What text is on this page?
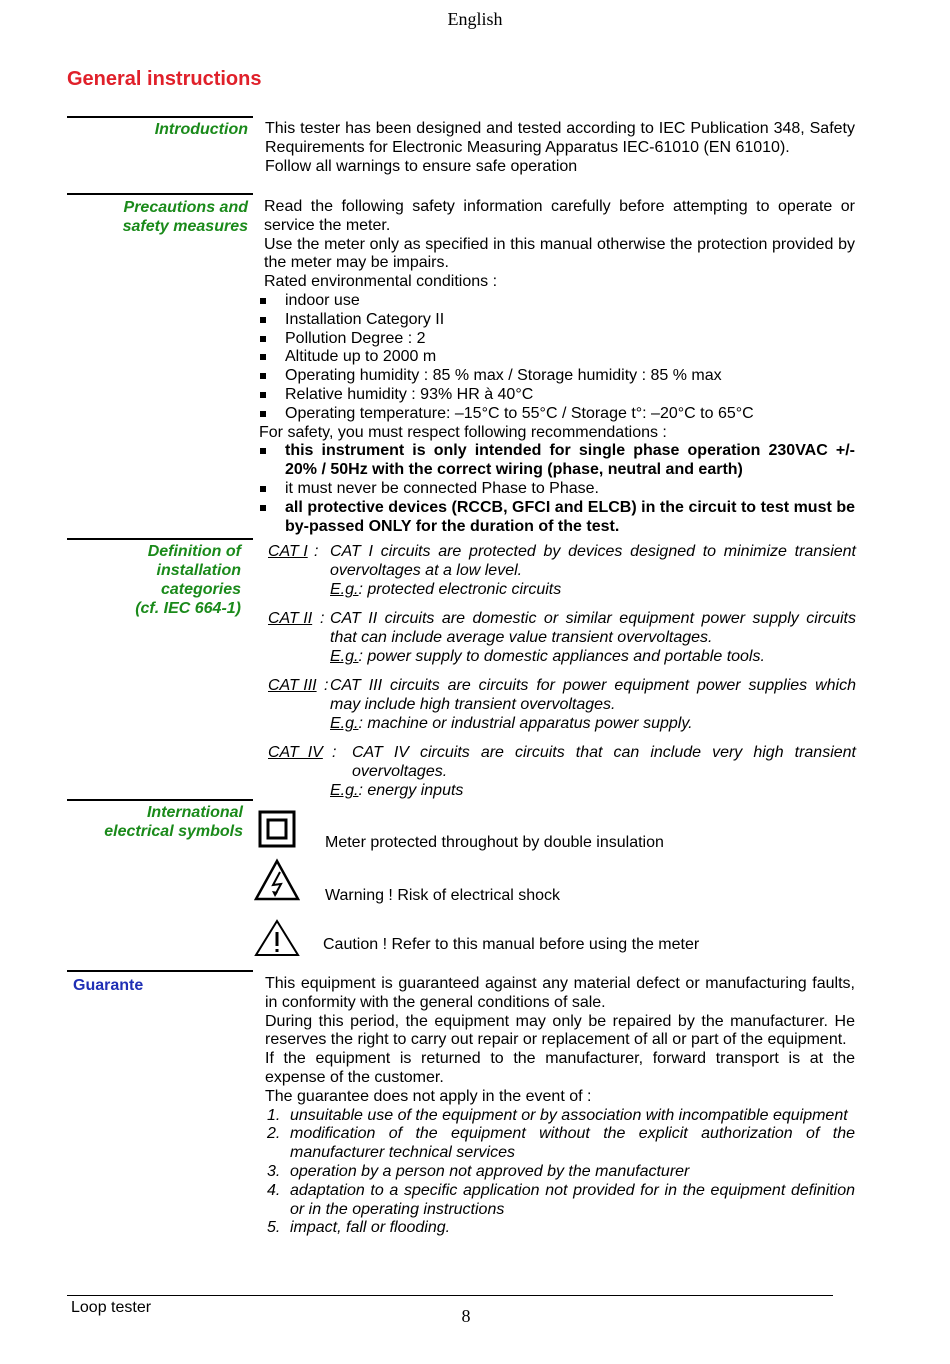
English
General instructions
Introduction This tester has been designed and tested according to IEC Publication 348, Safety Requirements for Electronic Measuring Apparatus IEC-61010 (EN 61010).

Follow all warnings to ensure safe operation

Precautions and
safety measures

Read the following safety information carefully before attempting to operate or service the meter.

Use the meter only as specified in this manual otherwise the protection provided by the meter may be impairs.

Rated environmental conditions :

indoor use
Installation Category II
Pollution Degree : 2
Altitude up to 2000 m
Operating humidity : 85 % max / Storage humidity : 85 % max
Relative humidity : 93% HR à 40°C
Operating temperature: –15°C to 55°C / Storage t°: –20°C to 65°C

For safety, you must respect following recommendations :

this instrument is only intended for single phase operation 230VAC +/- 20% / 50Hz with the correct wiring (phase, neutral and earth)
it must never be connected Phase to Phase.
all protective devices (RCCB, GFCI and ELCB) in the circuit to test must be by-passed ONLY for the duration of the test.
Definition of
installation
categories
(cf. IEC 664-1)
CAT I : CAT I circuits are protected by devices designed to minimize transient overvoltages at a low level.
E.g.: protected electronic circuits
CAT II : CAT II circuits are domestic or similar equipment power supply circuits that can include average value transient overvoltages.
E.g.: power supply to domestic appliances and portable tools.
CAT III : CAT III circuits are circuits for power equipment power supplies which may include high transient overvoltages.
E.g.: machine or industrial apparatus power supply.
CAT  IV : CAT IV circuits are circuits that can include very high transient overvoltages.
E.g.: energy inputs
International
electrical symbols
Meter protected throughout by double insulation
Warning ! Risk of electrical shock
Caution ! Refer to this manual before using the meter
Guarante	This equipment is guaranteed against any material defect or manufacturing faults, in conformity with the general conditions of sale.

During this period, the equipment may only be repaired by the manufacturer. He reserves the right to carry out repair or replacement of all or part of the equipment.

If the equipment is returned to the manufacturer, forward transport is at the expense of the customer.

The guarantee does not apply in the event of :

1. unsuitable use of the equipment or by association with incompatible equipment
2. modification of the equipment without the explicit authorization of the manufacturer technical services
3. operation by a person not approved by the manufacturer
4. adaptation to a specific application not provided for in the equipment definition or in the operating instructions
5. impact, fall or flooding.
Loop tester	8
